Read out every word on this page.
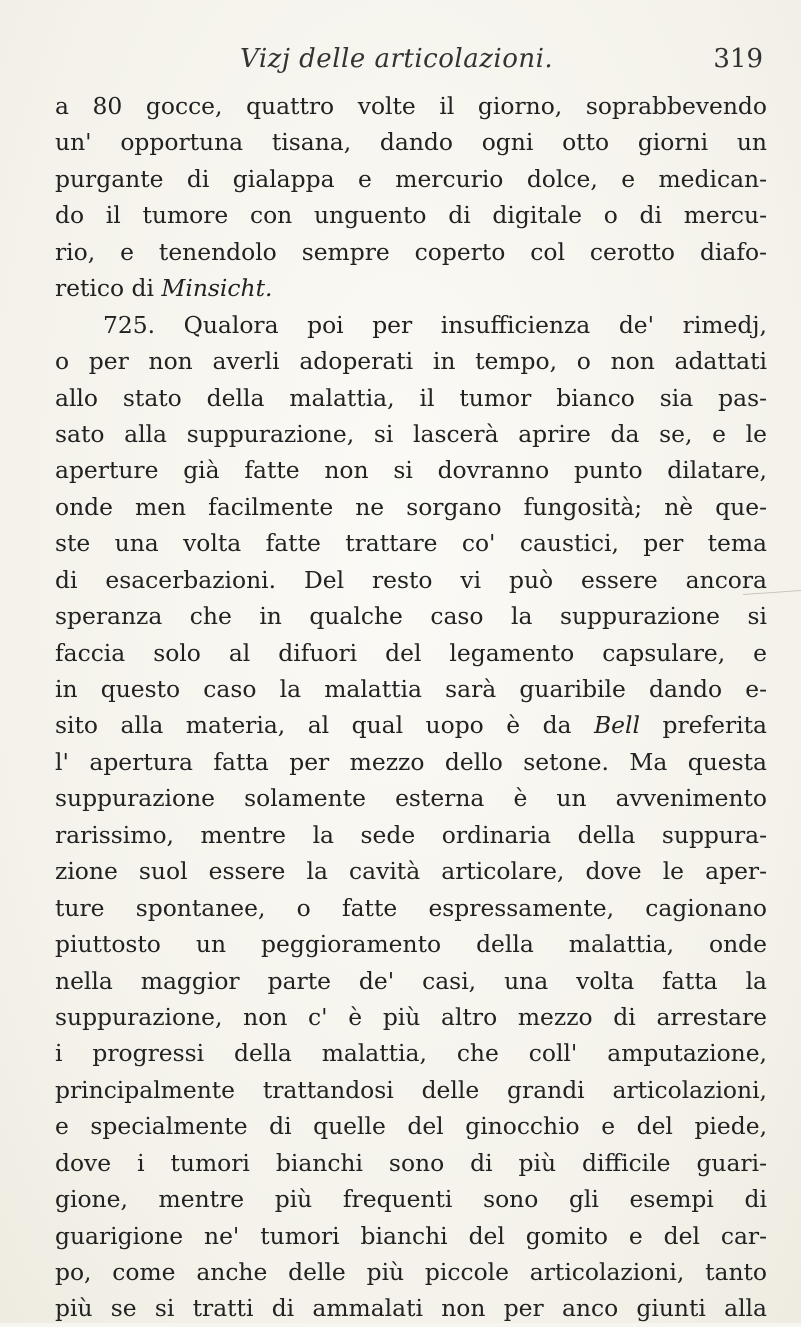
Vizj delle articolazioni.	319
a 80 gocce, quattro volte il giorno, soprabbevendo
un' opportuna tisana, dando ogni otto giorni un
purgante di gialappa e mercurio dolce, e medican-
do il tumore con unguento di digitale o di mercu-
rio, e tenendolo sempre coperto col cerotto diafo-
retico di Minsicht.
725. Qualora poi per insufficienza de' rimedj,
o per non averli adoperati in tempo, o non adattati
allo stato della malattia, il tumor bianco sia pas-
sato alla suppurazione, si lascerà aprire da se, e le
aperture già fatte non si dovranno punto dilatare,
onde men facilmente ne sorgano fungosità; nè que-
ste una volta fatte trattare co' caustici, per tema
di esacerbazioni. Del resto vi può essere ancora
speranza che in qualche caso la suppurazione si
faccia solo al difuori del legamento capsulare, e
in questo caso la malattia sarà guaribile dando e-
sito alla materia, al qual uopo è da Bell preferita
l' apertura fatta per mezzo dello setone. Ma questa
suppurazione solamente esterna è un avvenimento
rarissimo, mentre la sede ordinaria della suppura-
zione suol essere la cavità articolare, dove le aper-
ture spontanee, o fatte espressamente, cagionano
piuttosto un peggioramento della malattia, onde
nella maggior parte de' casi, una volta fatta la
suppurazione, non c' è più altro mezzo di arrestare
i progressi della malattia, che coll' amputazione,
principalmente trattandosi delle grandi articolazioni,
e specialmente di quelle del ginocchio e del piede,
dove i tumori bianchi sono di più difficile guari-
gione, mentre più frequenti sono gli esempi di
guarigione ne' tumori bianchi del gomito e del car-
po, come anche delle più piccole articolazioni, tanto
più se si tratti di ammalati non per anco giunti alla
